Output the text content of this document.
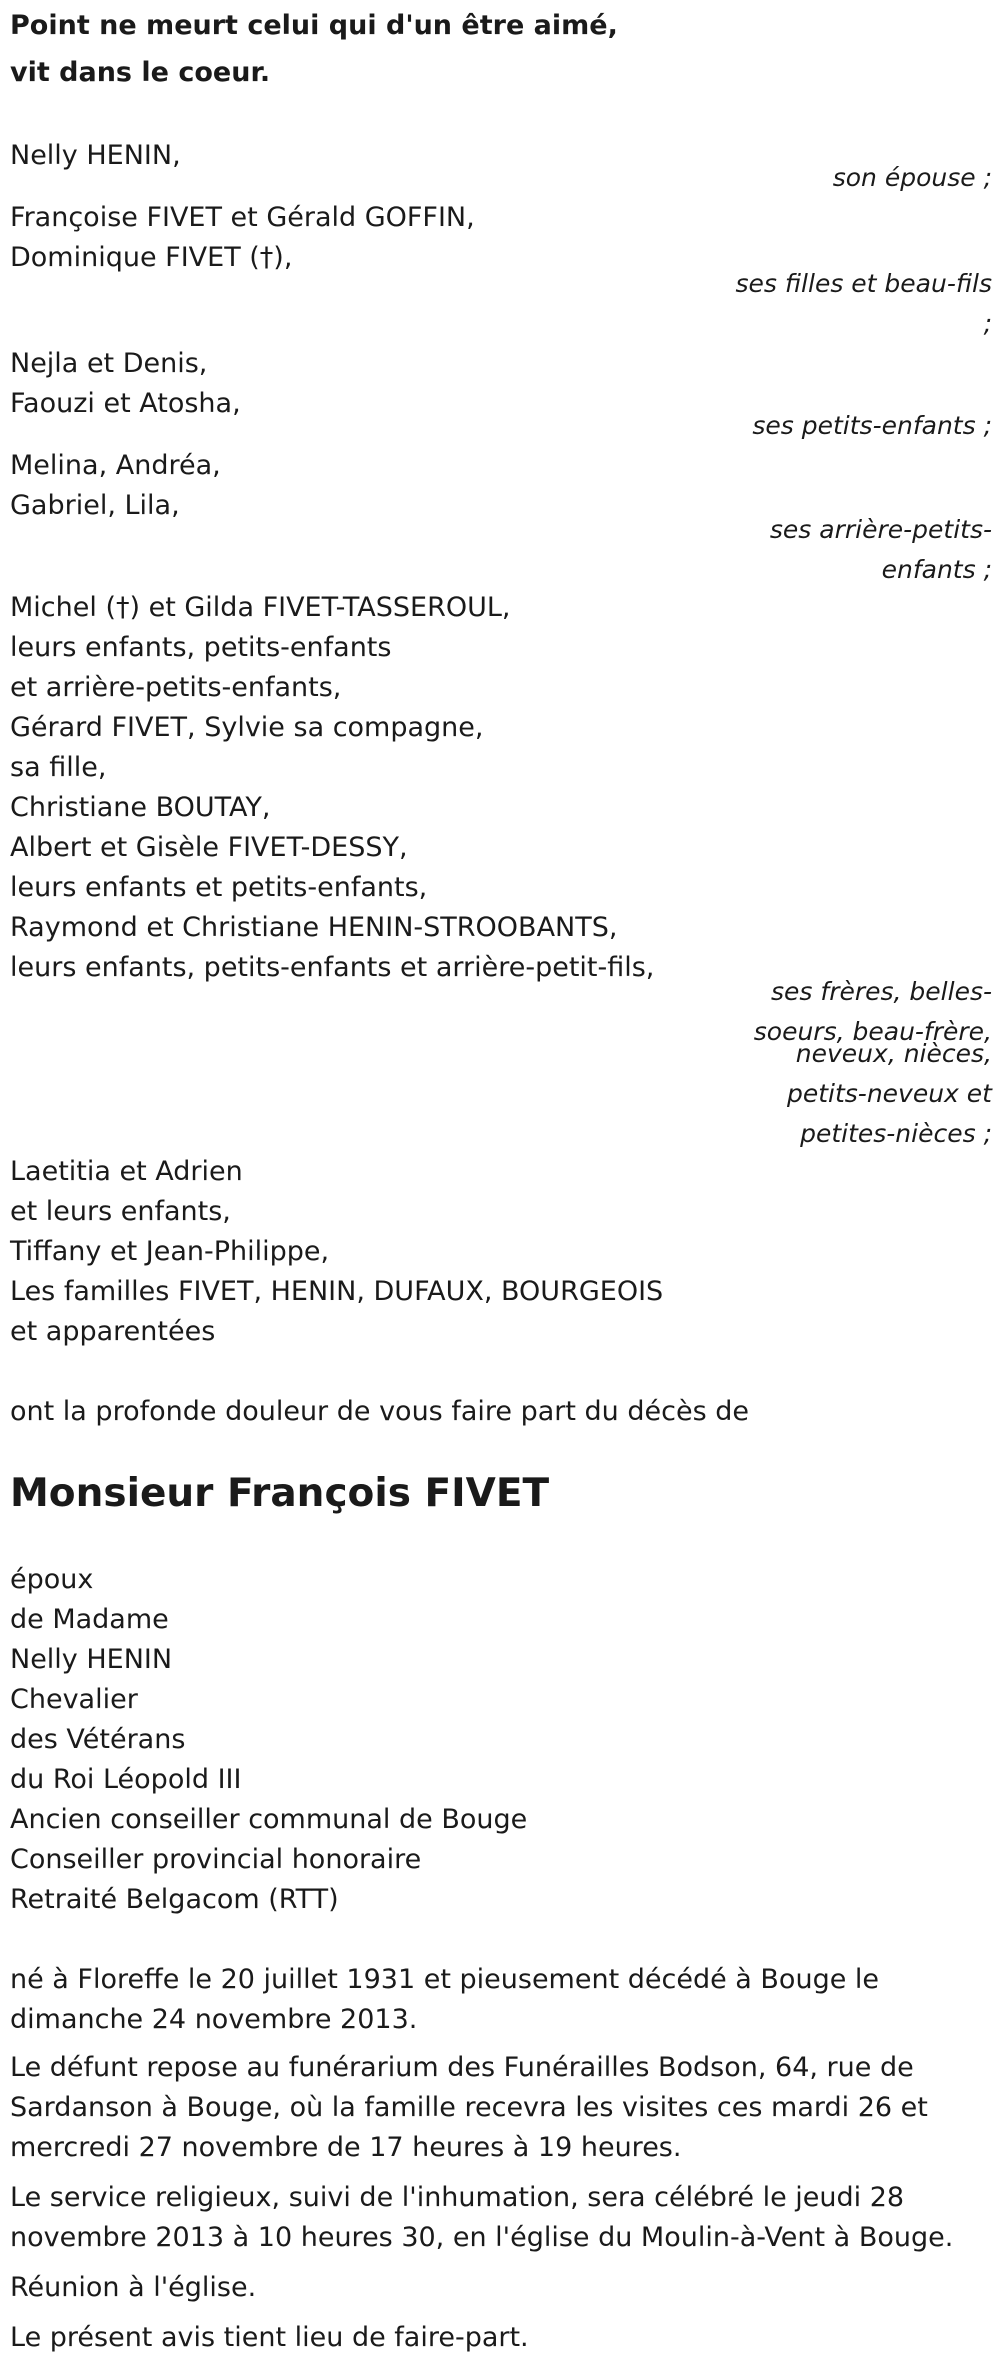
Point ne meurt celui qui d'un être aimé,
vit dans le coeur.
Nelly HENIN,
son épouse ;
Françoise FIVET et Gérald GOFFIN,
Dominique FIVET (†),
ses filles et beau-fils
;
Nejla et Denis,
Faouzi et Atosha,
ses petits-enfants ;
Melina, Andréa,
Gabriel, Lila,
ses arrière-petits-
enfants ;
Michel (†) et Gilda FIVET-TASSEROUL,
leurs enfants, petits-enfants
et arrière-petits-enfants,
Gérard FIVET, Sylvie sa compagne,
sa fille,
Christiane BOUTAY,
Albert et Gisèle FIVET-DESSY,
leurs enfants et petits-enfants,
Raymond et Christiane HENIN-STROOBANTS,
leurs enfants, petits-enfants et arrière-petit-fils,
ses frères, belles-
soeurs, beau-frère,
neveux, nièces,
petits-neveux et
petites-nièces ;
Laetitia et Adrien
et leurs enfants,
Tiffany et Jean-Philippe,
Les familles FIVET, HENIN, DUFAUX, BOURGEOIS
et apparentées
ont la profonde douleur de vous faire part du décès de
Monsieur François FIVET
époux
de Madame
Nelly HENIN
Chevalier
des Vétérans
du Roi Léopold III
Ancien conseiller communal de Bouge
Conseiller provincial honoraire
Retraité Belgacom (RTT)
né à Floreffe le 20 juillet 1931 et pieusement décédé à Bouge le
dimanche 24 novembre 2013.
Le défunt repose au funérarium des Funérailles Bodson, 64, rue de
Sardanson à Bouge, où la famille recevra les visites ces mardi 26 et
mercredi 27 novembre de 17 heures à 19 heures.
Le service religieux, suivi de l'inhumation, sera célébré le jeudi 28
novembre 2013 à 10 heures 30, en l'église du Moulin-à-Vent à Bouge.
Réunion à l'église.
Le présent avis tient lieu de faire-part.
